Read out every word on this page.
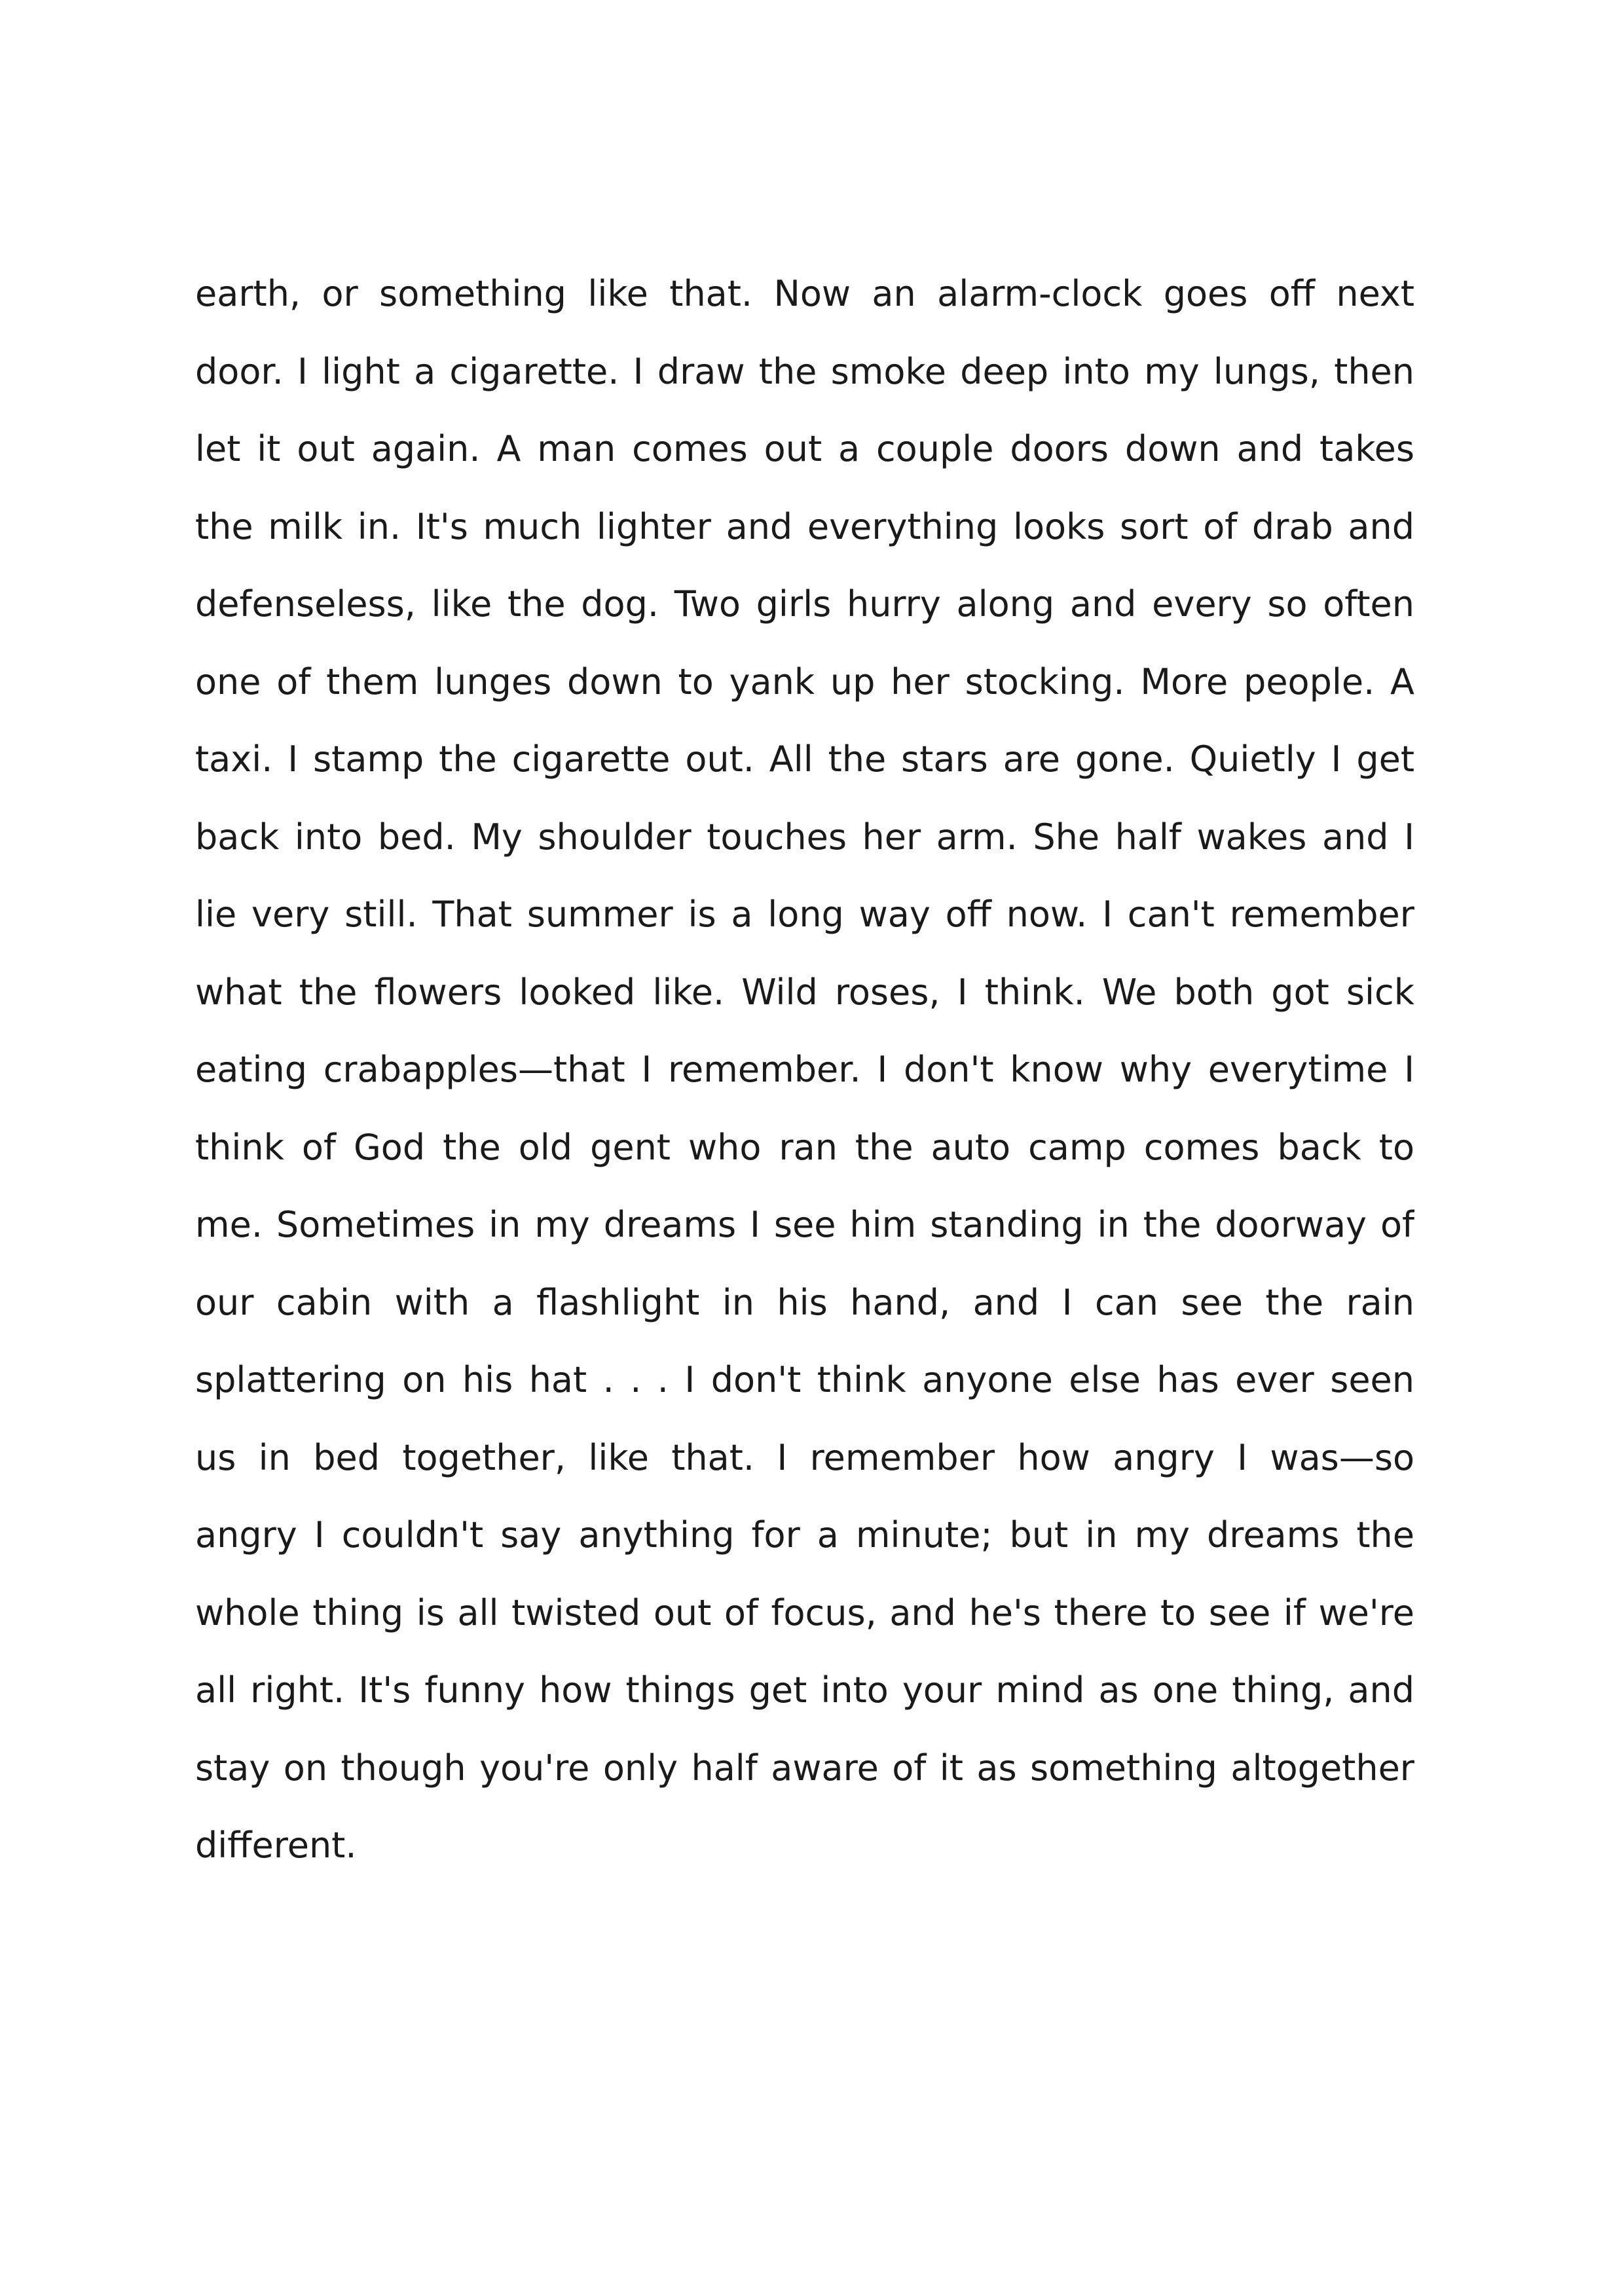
earth, or something like that. Now an alarm-clock goes off next
door. I light a cigarette. I draw the smoke deep into my lungs, then
let it out again. A man comes out a couple doors down and takes
the milk in. It's much lighter and everything looks sort of drab and
defenseless, like the dog. Two girls hurry along and every so often
one of them lunges down to yank up her stocking. More people. A
taxi. I stamp the cigarette out. All the stars are gone. Quietly I get
back into bed. My shoulder touches her arm. She half wakes and I
lie very still. That summer is a long way off now. I can't remember
what the flowers looked like. Wild roses, I think. We both got sick
eating crabapples—that I remember. I don't know why everytime I
think of God the old gent who ran the auto camp comes back to
me. Sometimes in my dreams I see him standing in the doorway of
our cabin with a flashlight in his hand, and I can see the rain
splattering on his hat . . . I don't think anyone else has ever seen
us in bed together, like that. I remember how angry I was—so
angry I couldn't say anything for a minute; but in my dreams the
whole thing is all twisted out of focus, and he's there to see if we're
all right. It's funny how things get into your mind as one thing, and
stay on though you're only half aware of it as something altogether
different.
